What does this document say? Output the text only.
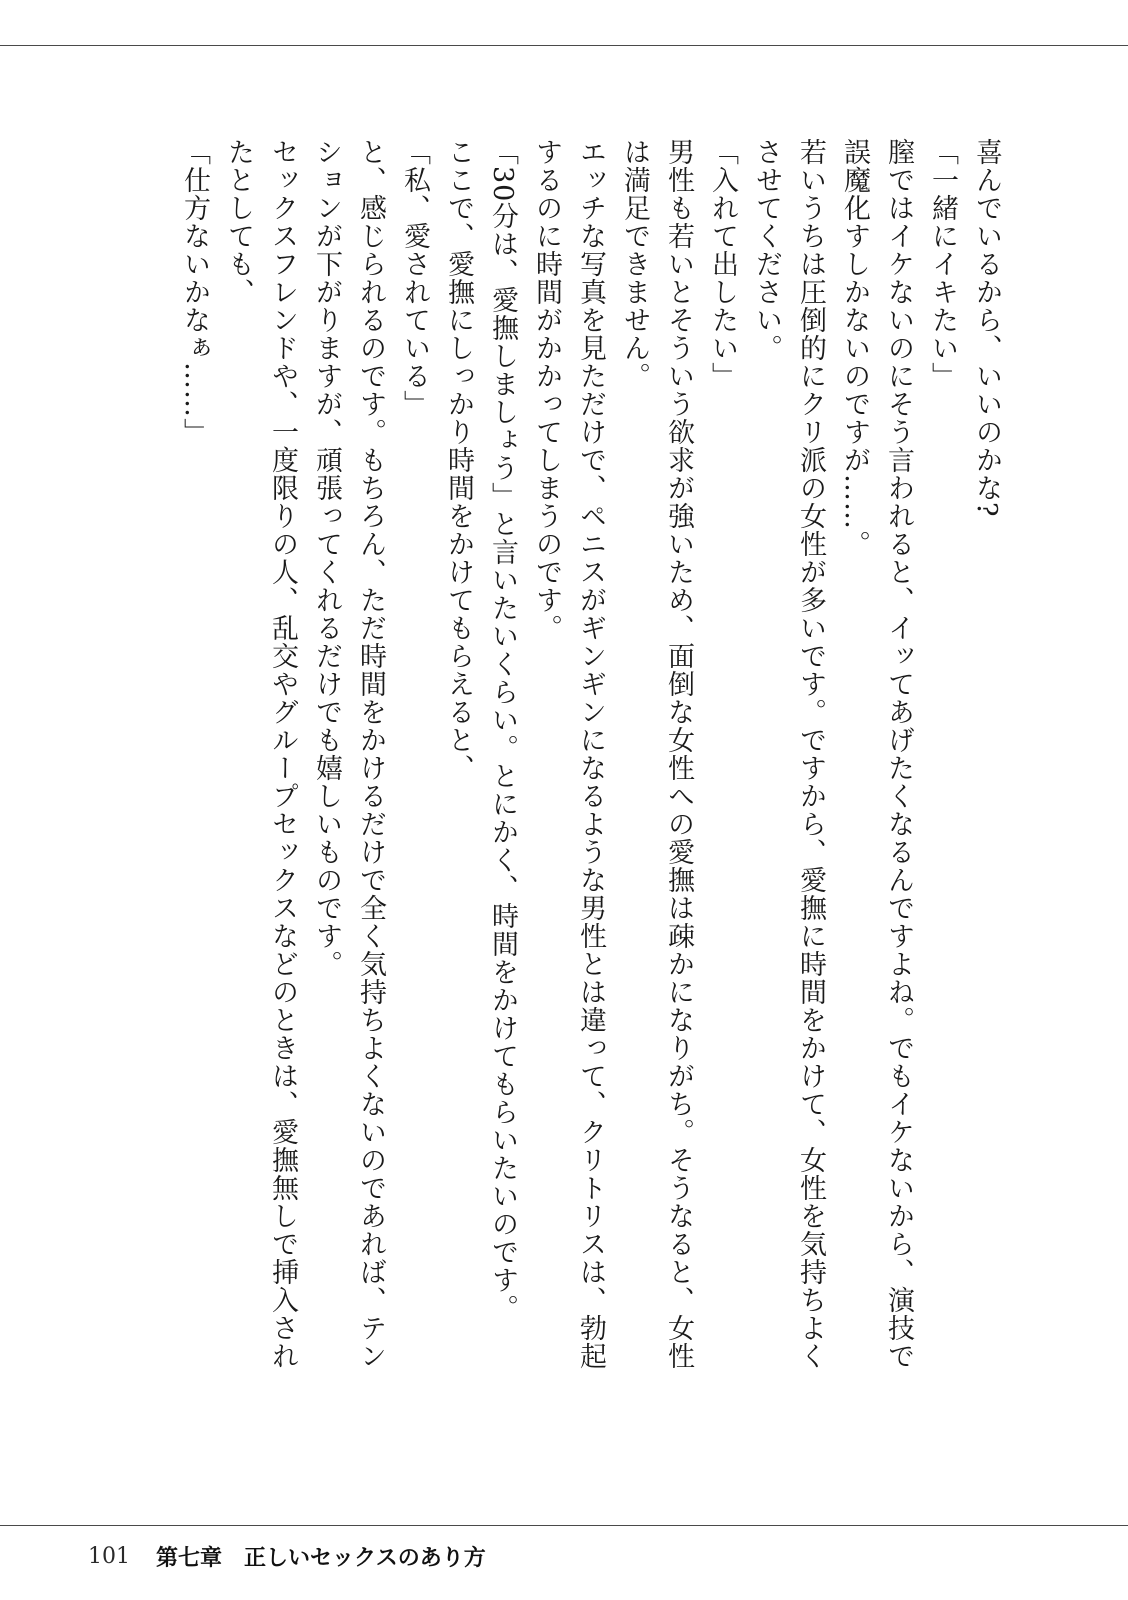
喜んでいるから、いいのかな?
「一緒にイキたい」
膣ではイケないのにそう言われると、イッてあげたくなるんですよね。でもイケないから、演技で
誤魔化すしかないのですが……。
若いうちは圧倒的にクリ派の女性が多いです。ですから、愛撫に時間をかけて、女性を気持ちよく
させてください。
「入れて出したい」
男性も若いとそういう欲求が強いため、面倒な女性への愛撫は疎かになりがち。そうなると、女性
は満足できません。
エッチな写真を見ただけで、ペニスがギンギンになるような男性とは違って、クリトリスは、勃起
するのに時間がかかってしまうのです。
「30分は、愛撫しましょう」と言いたいくらい。とにかく、時間をかけてもらいたいのです。
ここで、愛撫にしっかり時間をかけてもらえると、
「私、愛されている」
と、感じられるのです。もちろん、ただ時間をかけるだけで全く気持ちよくないのであれば、テン
ションが下がりますが、頑張ってくれるだけでも嬉しいものです。
セックスフレンドや、一度限りの人、乱交やグループセックスなどのときは、愛撫無しで挿入され
たとしても、
「仕方ないかなぁ……」
101 第七章 正しいセックスのあり方
